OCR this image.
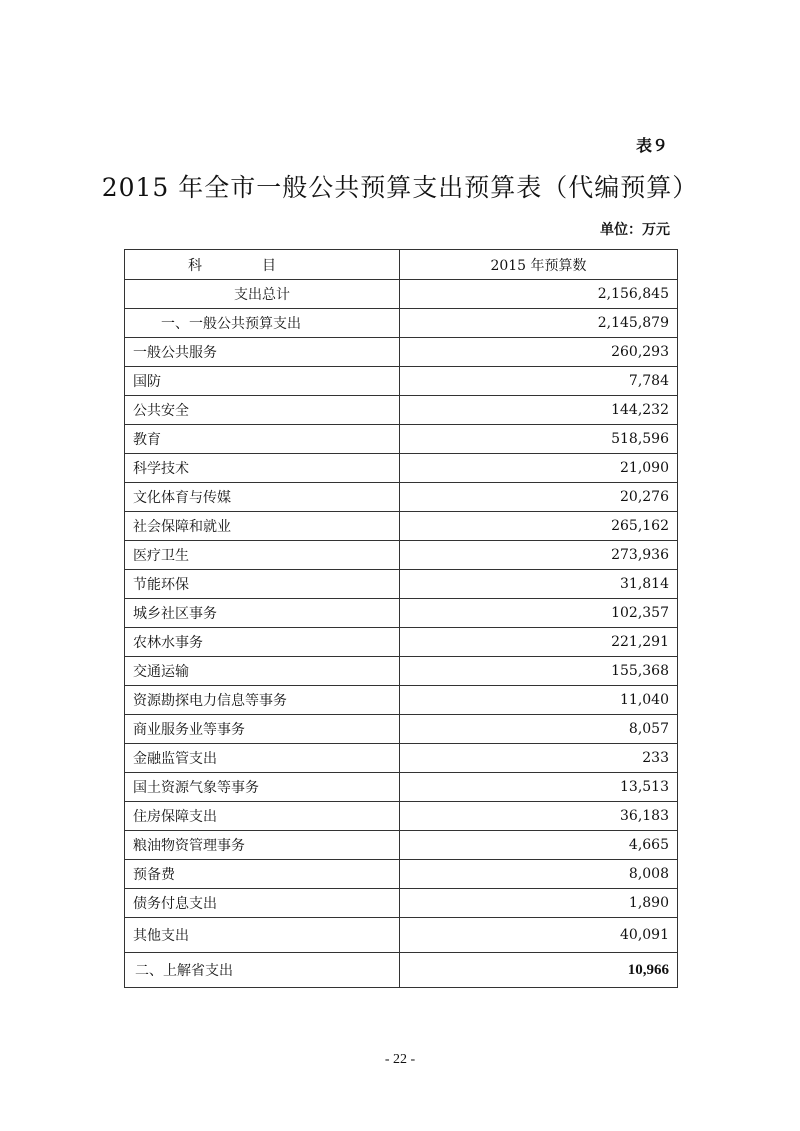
表９
2015 年全市一般公共预算支出预算表（代编预算）
单位：万元
科目	2015 年预算数
支出总计	2,156,845
一、一般公共预算支出	2,145,879
一般公共服务	260,293
国防	7,784
公共安全	144,232
教育	518,596
科学技术	21,090
文化体育与传媒	20,276
社会保障和就业	265,162
医疗卫生	273,936
节能环保	31,814
城乡社区事务	102,357
农林水事务	221,291
交通运输	155,368
资源勘探电力信息等事务	11,040
商业服务业等事务	8,057
金融监管支出	233
国土资源气象等事务	13,513
住房保障支出	36,183
粮油物资管理事务	4,665
预备费	8,008
债务付息支出	1,890
其他支出	40,091
二、上解省支出	10,966
- 22 -
